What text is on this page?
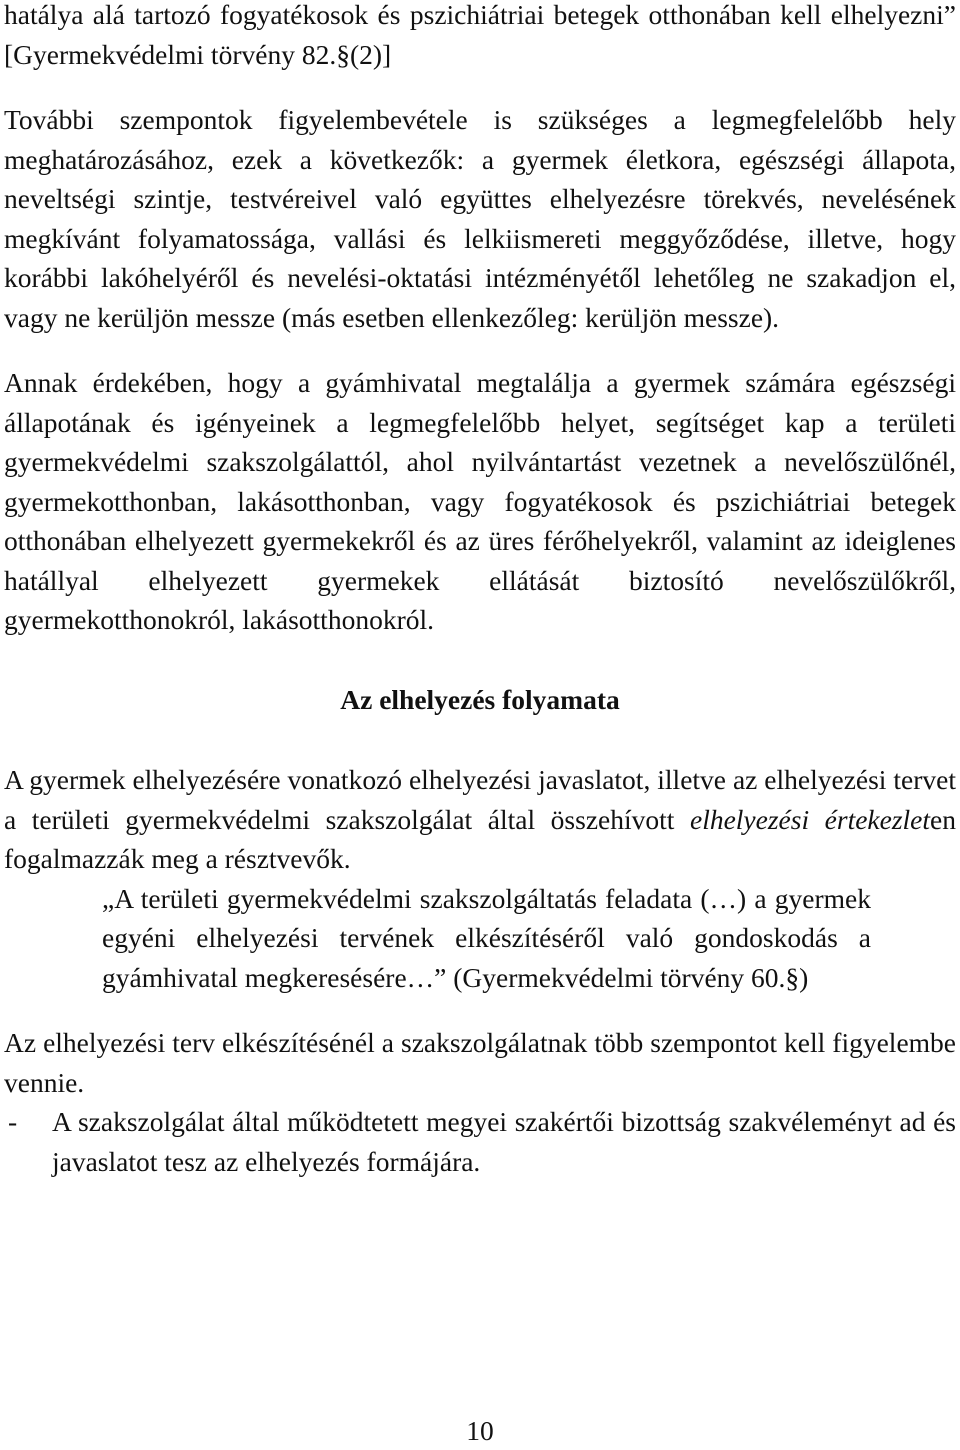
hatálya alá tartozó fogyatékosok és pszichiátriai betegek otthonában kell elhelyezni” [Gyermekvédelmi törvény 82.§(2)]

További szempontok figyelembevétele is szükséges a legmegfelelőbb hely meghatározásához, ezek a következők: a gyermek életkora, egészségi állapota, neveltségi szintje, testvéreivel való együttes elhelyezésre törekvés, nevelésének megkívánt folyamatossága, vallási és lelkiismereti meggyőződése, illetve, hogy korábbi lakóhelyéről és nevelési-oktatási intézményétől lehetőleg ne szakadjon el, vagy ne kerüljön messze (más esetben ellenkezőleg: kerüljön messze).

Annak érdekében, hogy a gyámhivatal megtalálja a gyermek számára egészségi állapotának és igényeinek a legmegfelelőbb helyet, segítséget kap a területi gyermekvédelmi szakszolgálattól, ahol nyilvántartást vezetnek a nevelőszülőnél, gyermekotthonban, lakásotthonban, vagy fogyatékosok és pszichiátriai betegek otthonában elhelyezett gyermekekről és az üres férőhelyekről, valamint az ideiglenes hatállyal elhelyezett gyermekek ellátását biztosító nevelőszülőkről, gyermekotthonokról, lakásotthonokról.

Az elhelyezés folyamata

A gyermek elhelyezésére vonatkozó elhelyezési javaslatot, illetve az elhelyezési tervet a területi gyermekvédelmi szakszolgálat által összehívott elhelyezési értekezleten fogalmazzák meg a résztvevők.

„A területi gyermekvédelmi szakszolgáltatás feladata (…) a gyermek egyéni elhelyezési tervének elkészítéséről való gondoskodás a gyámhivatal megkeresésére…” (Gyermekvédelmi törvény 60.§)

Az elhelyezési terv elkészítésénél a szakszolgálatnak több szempontot kell figyelembe vennie.

-	A szakszolgálat által működtetett megyei szakértői bizottság szakvéleményt ad és javaslatot tesz az elhelyezés formájára.
10
